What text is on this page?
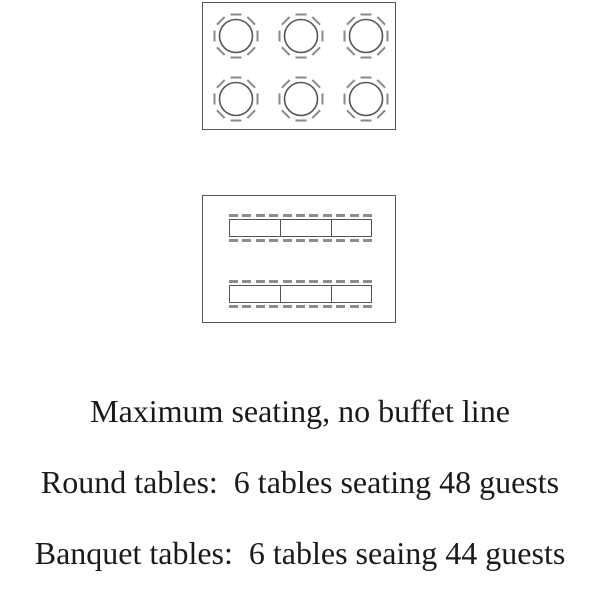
Maximum seating, no buffet line
Round tables:  6 tables seating 48 guests
Banquet tables:  6 tables seaing 44 guests
